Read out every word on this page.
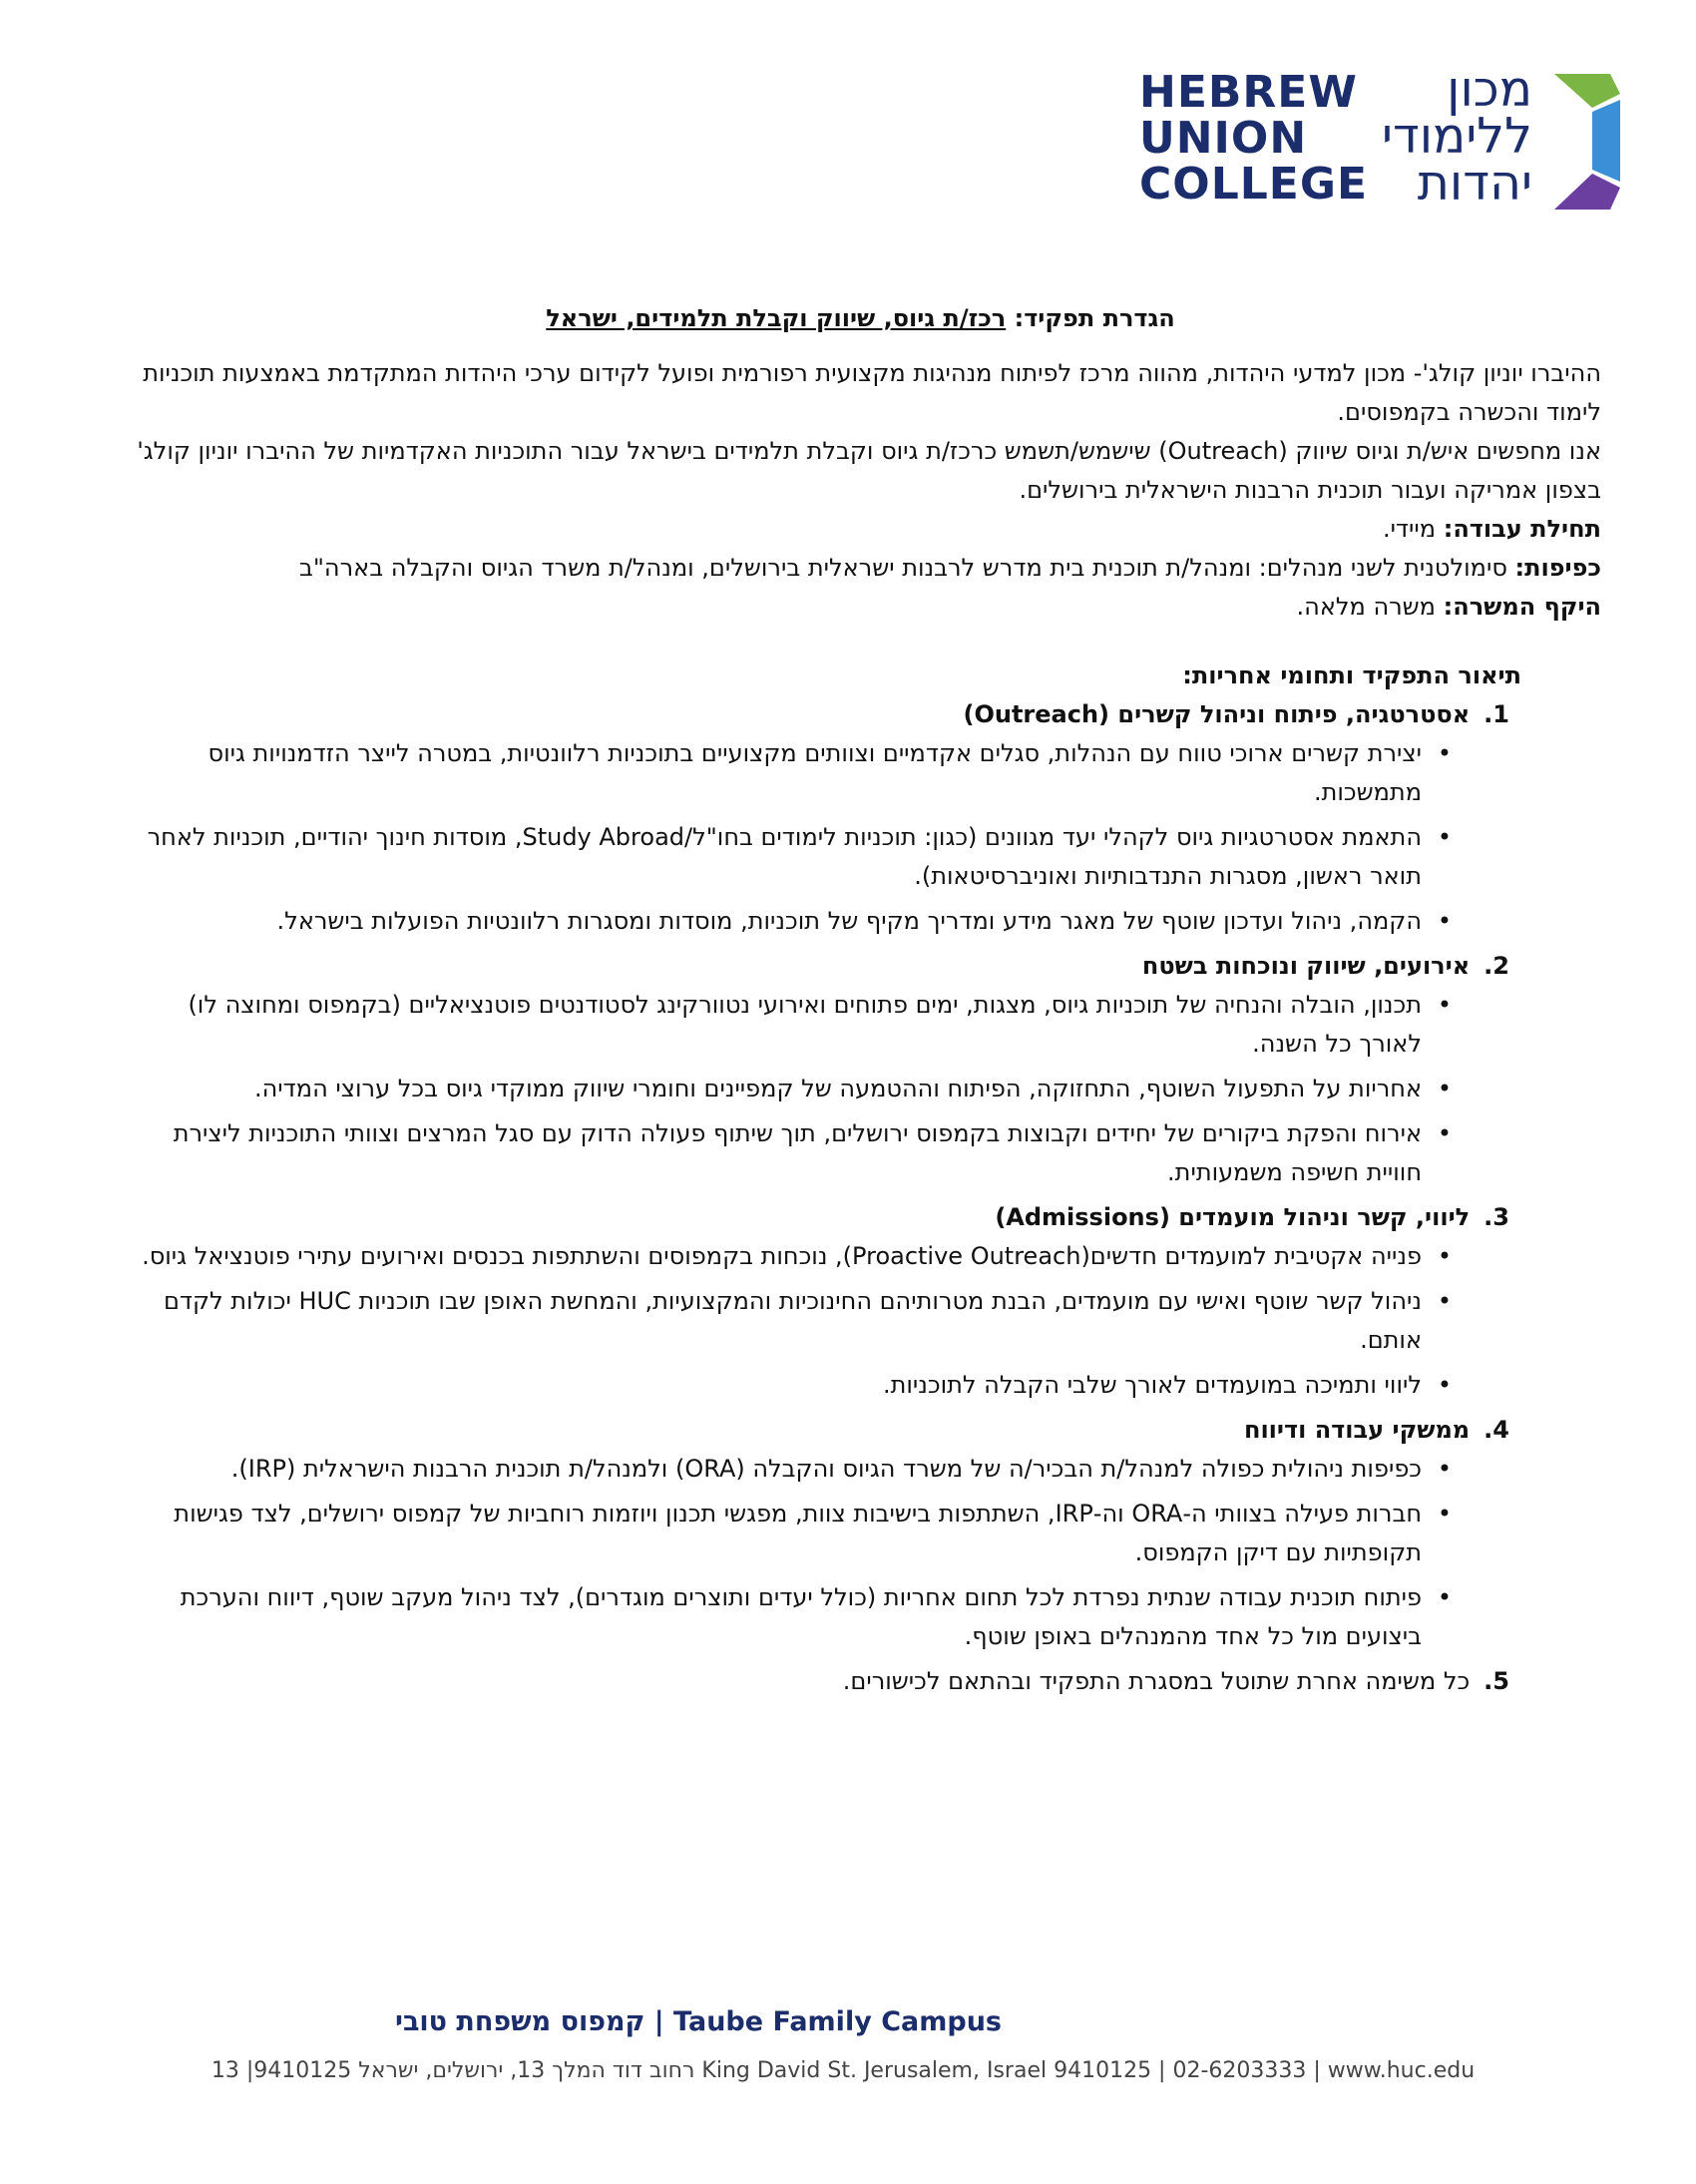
HEBREW
UNION
COLLEGE
מכון
ללימודי
יהדות
הגדרת תפקיד: רכז/ת גיוס, שיווק וקבלת תלמידים, ישראל

ההיברו יוניון קולג'- מכון למדעי היהדות, מהווה מרכז לפיתוח מנהיגות מקצועית רפורמית ופועל לקידום ערכי היהדות המתקדמת באמצעות תוכניות לימוד והכשרה בקמפוסים.

אנו מחפשים איש/ת וגיוס שיווק (Outreach) שישמש/תשמש כרכז/ת גיוס וקבלת תלמידים בישראל עבור התוכניות האקדמיות של ההיברו יוניון קולג' בצפון אמריקה ועבור תוכנית הרבנות הישראלית בירושלים.

תחילת עבודה: מיידי.

כפיפות: סימולטנית לשני מנהלים: ומנהל/ת תוכנית בית מדרש לרבנות ישראלית בירושלים, ומנהל/ת משרד הגיוס והקבלה בארה"ב

היקף המשרה: משרה מלאה.

תיאור התפקיד ותחומי אחריות:
1.
אסטרטגיה, פיתוח וניהול קשרים (Outreach)
• יצירת קשרים ארוכי טווח עם הנהלות, סגלים אקדמיים וצוותים מקצועיים בתוכניות רלוונטיות, במטרה לייצר הזדמנויות גיוס מתמשכות.
• התאמת אסטרטגיות גיוס לקהלי יעד מגוונים (כגון: תוכניות לימודים בחו"ל/Study Abroad, מוסדות חינוך יהודיים, תוכניות לאחר תואר ראשון, מסגרות התנדבותיות ואוניברסיטאות).
• הקמה, ניהול ועדכון שוטף של מאגר מידע ומדריך מקיף של תוכניות, מוסדות ומסגרות רלוונטיות הפועלות בישראל.
2.
אירועים, שיווק ונוכחות בשטח
• תכנון, הובלה והנחיה של תוכניות גיוס, מצגות, ימים פתוחים ואירועי נטוורקינג לסטודנטים פוטנציאליים (בקמפוס ומחוצה לו) לאורך כל השנה.
• אחריות על התפעול השוטף, התחזוקה, הפיתוח וההטמעה של קמפיינים וחומרי שיווק ממוקדי גיוס בכל ערוצי המדיה.
• אירוח והפקת ביקורים של יחידים וקבוצות בקמפוס ירושלים, תוך שיתוף פעולה הדוק עם סגל המרצים וצוותי התוכניות ליצירת חוויית חשיפה משמעותית.
3.
ליווי, קשר וניהול מועמדים (Admissions)
• פנייה אקטיבית למועמדים חדשים(Proactive Outreach), נוכחות בקמפוסים והשתתפות בכנסים ואירועים עתירי פוטנציאל גיוס.
• ניהול קשר שוטף ואישי עם מועמדים, הבנת מטרותיהם החינוכיות והמקצועיות, והמחשת האופן שבו תוכניות HUC יכולות לקדם אותם.
• ליווי ותמיכה במועמדים לאורך שלבי הקבלה לתוכניות.
4.
ממשקי עבודה ודיווח
• כפיפות ניהולית כפולה למנהל/ת הבכיר/ה של משרד הגיוס והקבלה (ORA) ולמנהל/ת תוכנית הרבנות הישראלית (IRP).
• חברות פעילה בצוותי ה-ORA וה-IRP, השתתפות בישיבות צוות, מפגשי תכנון ויוזמות רוחביות של קמפוס ירושלים, לצד פגישות תקופתיות עם דיקן הקמפוס.
• פיתוח תוכנית עבודה שנתית נפרדת לכל תחום אחריות (כולל יעדים ותוצרים מוגדרים), לצד ניהול מעקב שוטף, דיווח והערכת ביצועים מול כל אחד מהמנהלים באופן שוטף.
5.
כל משימה אחרת שתוטל במסגרת התפקיד ובהתאם לכישורים.
קמפוס משפחת טובי | Taube Family Campus
רחוב דוד המלך 13, ירושלים, ישראל 9410125| 13 King David St. Jerusalem, Israel 9410125 | 02-6203333 | www.huc.edu
